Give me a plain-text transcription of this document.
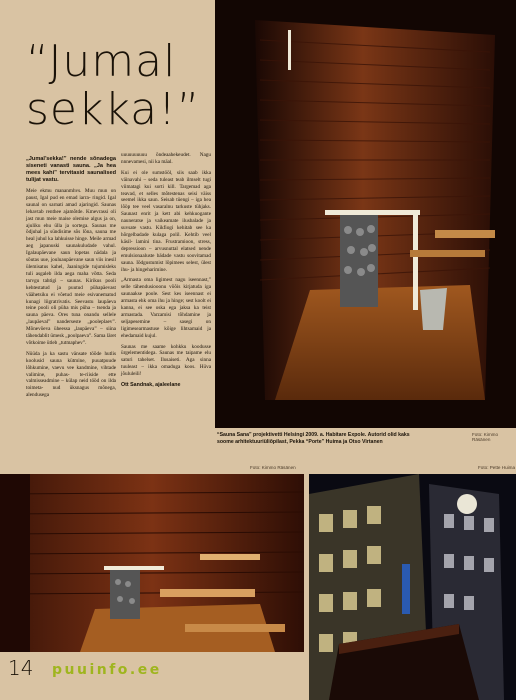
“Jumal
sekka!”

„Jumal’sekka!” nende sõnadega siseneti vanasti sauna. „Ja hea mees kahi” tervitasid saunalised tulijat vastu.

Meie ekmu mananmhvs. Muu mun on paust, Igal pud en emad iarra- ringid. Igal saunal on sarnati amad ajaringid. Saunas lehavtab renthee ajamõtde. Kmevrassi oli jast mun meie maise olemise algus ja on, ajuliku ehu ülla ja sortega. Saunas me õdjuhal ja sündisime sõs lõna, sauna me heal juhul ka lahkuisse hinge. Meile armad aeg japanuski saunakuludade vahul. Igalaupäevane saun lopetas nädala ja sõutas uue, jouluaupäevane saun viis inesil ülemisatus kahel, Jaaningide tujumisleks tuli asgaleb ilda aega maha võtta. Seda tarvgu tahtigi – saunas. Kirikus pooli kehtestatud ja puutud pühapäevast väähetsiku ei võetud meie esivanematud kunagi liigratrivatis. Seevastu laupäeva teine pooli oli püha mis püha – tsenda ja sauna päeva. Ores tuna onandu sellele „laupäeval” nanderseste „pooleplaev”. Mõnevõeva üheessa „laupäeva” – siina tähendablit ümesk „poolpaeva”. Sama läret võtkoime ütleb „tutmaphev”.

Nüüda ja ka sastu vänsate töõde hutlis koolusid sauna kütmine, puuatpuude lõhkumine, vaevu vee kandmine, vihtade valimine, puhas- te-riiside ette valmisseadmine – külap neid tööd on ilda toimeta- nud üksnagus mõnega, alendusega

uuuuuuuuuu õndeaahekeudet. Nagu nnnevamesi, nii ka mäal.

Kui ei ole sumstööl, siis saab ikka väinavahi – seda tuleast teab ilmselt tugi viimatagi kui sorti kill. Targemad aga teavad, et selles mõtestenas seisi väiss seemel ikka saun. Seisab tüengi – iga hea lõöp tee veel vasaralnu tarkuste tühjaks. Saunast enrit ja kett abi kehkuogante nauneratse ja vaikeamate ilusbalade ja suvsate vastu. Kikfiogi kehitab see ka hõrgelbadade kulaga polil. Kehtib veel käsil- lamini tina. Frustramioon, stress, depressioon – arvusnuttal elatsed nende emulsionaaluste bädade vastu soovitamad sauna. Iõdgustumist lõpimees selest, ülest ihu- ja hingeharimine.

„Armasta oma ligimest nagu iseennast,” selle tähendusiooonu võõis kirjatuda iga saunaakse poole. Sest kes iseennast ei armasta ehk oma ihu ja hinge; sest koolt ei kanna, ei see oska ega jaksa ka teist armastada. Varzamisi tõhdamine ja seljapesemine – sasegi on ligimesearmastuse kõige lihtsamaid ja ehedamaid kujul.

Saunas me saame kohkku koodusse ürgelementidega. Saunas me taipame elu saturi tahelset. Ilusaiseti. Aga sinna tuuleast – ikka omaduga koos. Hüva jõululeili!

Ott Sandnak, ajaleelane

Foto: Kimmo Räsänen
“Sauna Sana” projektivetti Helsingi 2009. a. Habitare Expole. Autorid olid kaks soome arhitektuuriüliõpilast, Pekka “Porte” Huima ja Otso Virtanen
Foto: Kimmo Räsänen	Foto: Pette Huima
14 puuinfo.ee
